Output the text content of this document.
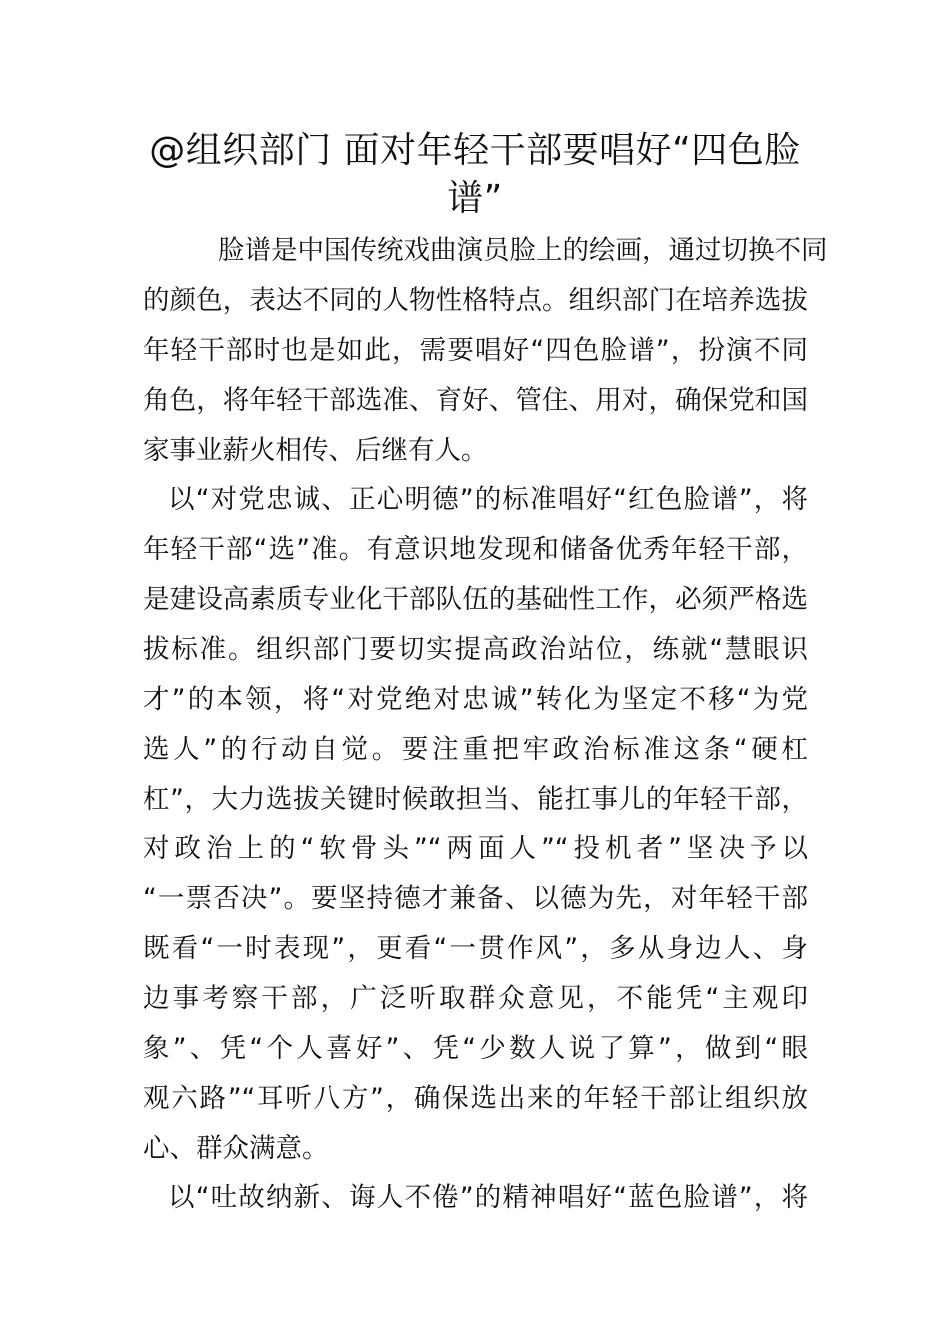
@组织部门 面对年轻干部要唱好“四色脸
谱”
脸谱是中国传统戏曲演员脸上的绘画，通过切换不同
的颜色，表达不同的人物性格特点。组织部门在培养选拔
年轻干部时也是如此，需要唱好“四色脸谱”，扮演不同
角色，将年轻干部选准、育好、管住、用对，确保党和国
家事业薪火相传、后继有人。
以“对党忠诚、正心明德”的标准唱好“红色脸谱”，将
年轻干部“选”准。有意识地发现和储备优秀年轻干部，
是建设高素质专业化干部队伍的基础性工作，必须严格选
拔标准。组织部门要切实提高政治站位，练就“慧眼识
才”的本领，将“对党绝对忠诚”转化为坚定不移“为党
选人”的行动自觉。要注重把牢政治标准这条“硬杠
杠”，大力选拔关键时候敢担当、能扛事儿的年轻干部，
对政治上的“软骨头”“两面人”“投机者”坚决予以
“一票否决”。要坚持德才兼备、以德为先，对年轻干部
既看“一时表现”，更看“一贯作风”，多从身边人、身
边事考察干部，广泛听取群众意见，不能凭“主观印
象”、凭“个人喜好”、凭“少数人说了算”，做到“眼
观六路”“耳听八方”，确保选出来的年轻干部让组织放
心、群众满意。
以“吐故纳新、诲人不倦”的精神唱好“蓝色脸谱”，将
